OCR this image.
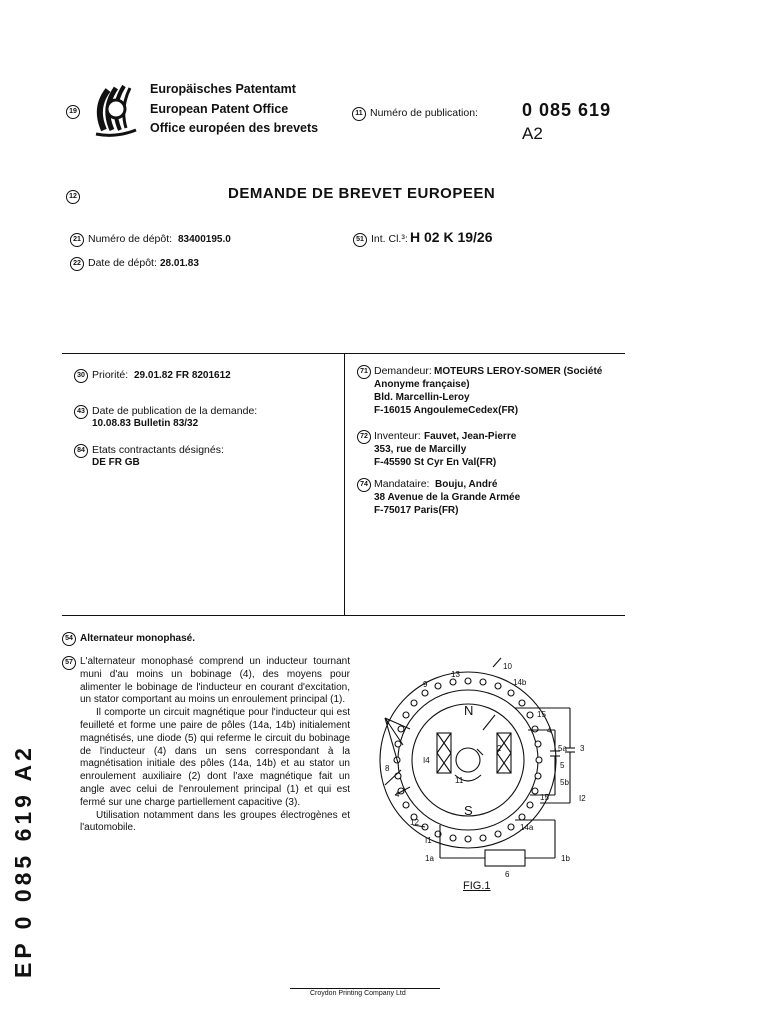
19
Europäisches Patentamt
European Patent Office
Office européen des brevets
11 Numéro de publication: 0 085 619
A2
12	DEMANDE DE BREVET EUROPEEN
21 Numéro de dépôt: 83400195.0
22 Date de dépôt: 28.01.83
51 Int. Cl.³: H 02 K 19/26
30 Priorité: 29.01.82 FR 8201612
43 Date de publication de la demande:
10.08.83 Bulletin 83/32
84 Etats contractants désignés:
DE FR GB
71 Demandeur: MOTEURS LEROY-SOMER (Société
Anonyme française)
Bld. Marcellin-Leroy
F-16015 AngoulemeCedex(FR)
72 Inventeur: Fauvet, Jean-Pierre
353, rue de Marcilly
F-45590 St Cyr En Val(FR)
74 Mandataire: Bouju, André
38 Avenue de la Grande Armée
F-75017 Paris(FR)
54 Alternateur monophasé.
57 L'alternateur monophasé comprend un inducteur tournant muni d'au moins un bobinage (4), des moyens pour alimenter le bobinage de l'inducteur en courant d'excitation, un stator comportant au moins un enroulement principal (1).

Il comporte un circuit magnétique pour l'inducteur qui est feuilleté et forme une paire de pôles (14a, 14b) initialement magnétisés, une diode (5) qui referme le circuit du bobinage de l'inducteur (4) dans un sens correspondant à la magnétisation initiale des pôles (14a, 14b) et au stator un enroulement auxiliaire (2) dont l'axe magnétique fait un angle avec celui de l'enroulement principal (1) et qui est fermé sur une charge partiellement capacitive (3).

Utilisation notamment dans les groupes électrogènes et l'automobile.

10
13
14b
9
15
7
4
5a 3
5
8
I4
11	5b
4	15	I2
12
14a
I1
1a	1b
6
2
N
S
FIG.1
EP 0 085 619 A2
Croydon Printing Company Ltd
